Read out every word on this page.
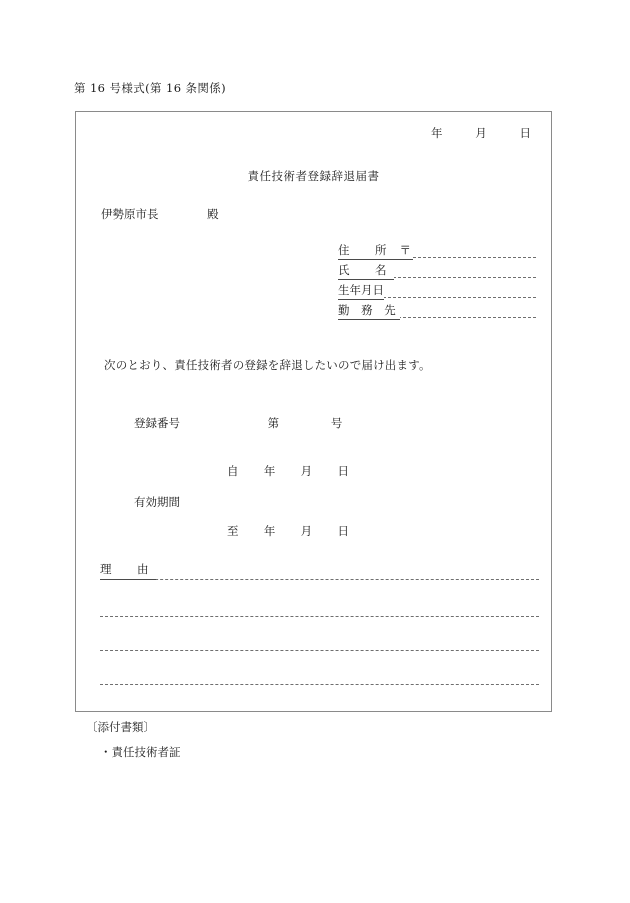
第 16 号様式(第 16 条関係)
年	月	日
責任技術者登録辞退届書
伊勢原市長	殿
住　所 〒
氏　名
生年月日
勤 務 先
次のとおり、責任技術者の登録を辞退したいので届け出ます。
登録番号	第	号
有効期間
自 年 月 日
至 年 月 日
理　由
〔添付書類〕
・責任技術者証
